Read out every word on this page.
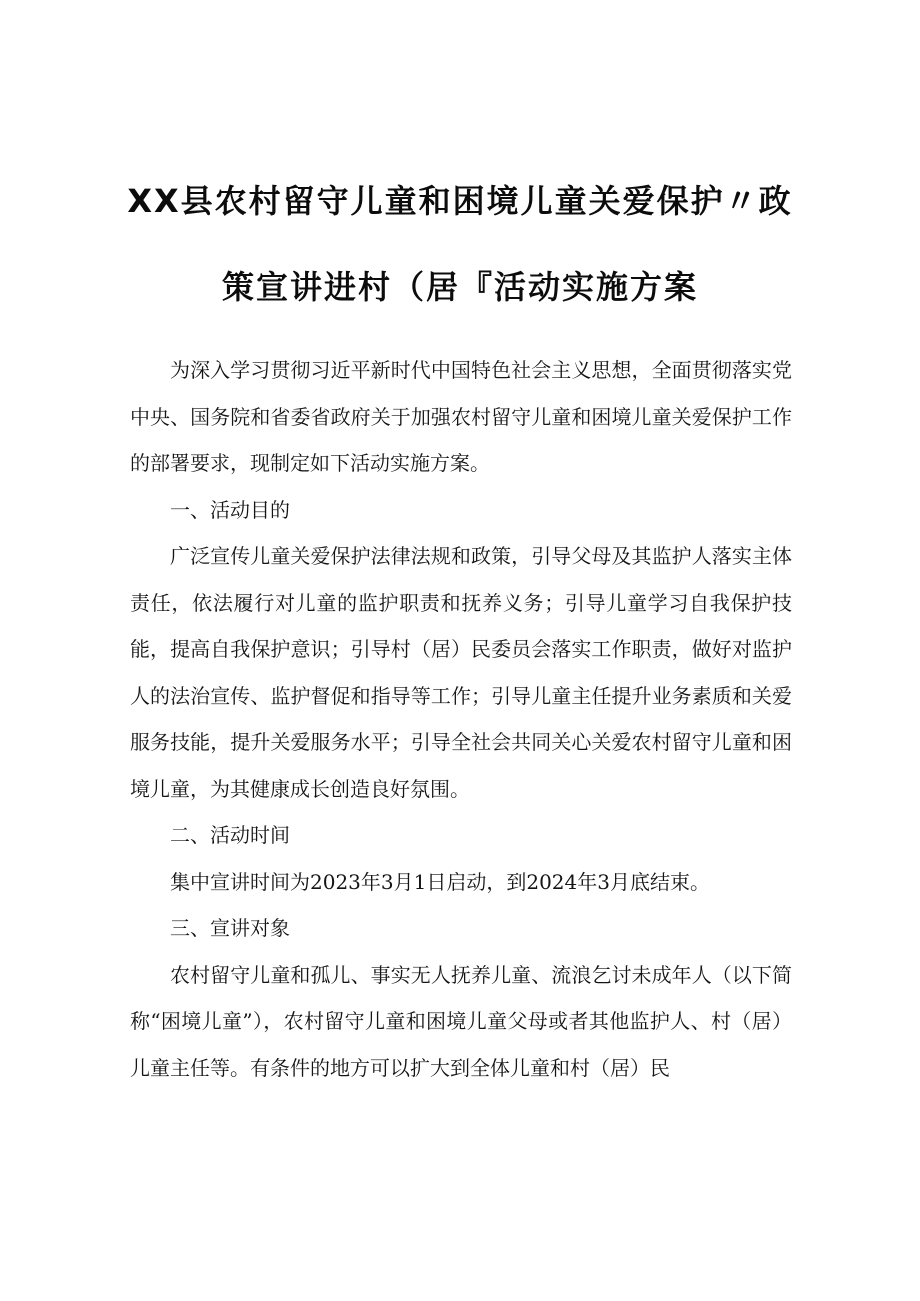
XX县农村留守儿童和困境儿童关爱保护〃政
策宣讲进村（居『活动实施方案

为深入学习贯彻习近平新时代中国特色社会主义思想，全面贯彻落实党中央、国务院和省委省政府关于加强农村留守儿童和困境儿童关爱保护工作的部署要求，现制定如下活动实施方案。

一、活动目的

广泛宣传儿童关爱保护法律法规和政策，引导父母及其监护人落实主体责任，依法履行对儿童的监护职责和抚养义务；引导儿童学习自我保护技能，提高自我保护意识；引导村（居）民委员会落实工作职责，做好对监护人的法治宣传、监护督促和指导等工作；引导儿童主任提升业务素质和关爱服务技能，提升关爱服务水平；引导全社会共同关心关爱农村留守儿童和困境儿童，为其健康成长创造良好氛围。

二、活动时间

集中宣讲时间为2023年3月1日启动，到2024年3月底结束。

三、宣讲对象

农村留守儿童和孤儿、事实无人抚养儿童、流浪乞讨未成年人（以下简称“困境儿童”），农村留守儿童和困境儿童父母或者其他监护人、村（居）儿童主任等。有条件的地方可以扩大到全体儿童和村（居）民
